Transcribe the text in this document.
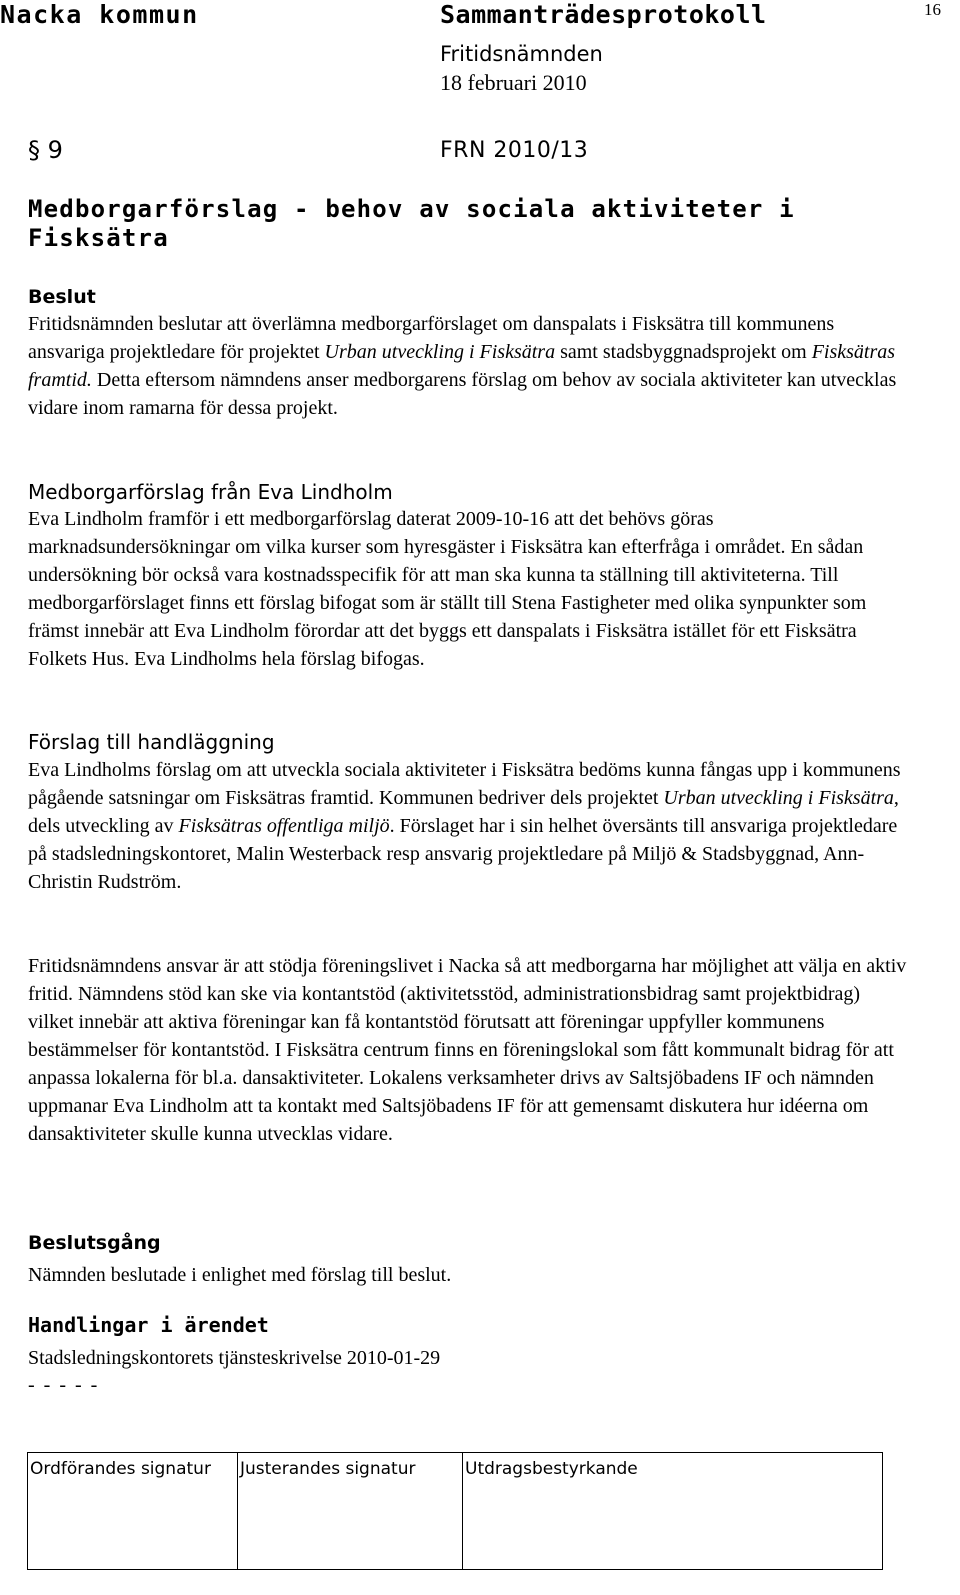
Nacka kommun	Sammanträdesprotokoll	16
Fritidsnämnden
18 februari 2010
§ 9	FRN 2010/13
Medborgarförslag - behov av sociala aktiviteter i Fisksätra
Beslut

Fritidsnämnden beslutar att överlämna medborgarförslaget om danspalats i Fisksätra till kommunens ansvariga projektledare för projektet Urban utveckling i Fisksätra samt stadsbyggnadsprojekt om Fisksätras framtid. Detta eftersom nämndens anser medborgarens förslag om behov av sociala aktiviteter kan utvecklas vidare inom ramarna för dessa projekt.

Medborgarförslag från Eva Lindholm

Eva Lindholm framför i ett medborgarförslag daterat 2009-10-16 att det behövs göras marknadsundersökningar om vilka kurser som hyresgäster i Fisksätra kan efterfråga i området. En sådan undersökning bör också vara kostnadsspecifik för att man ska kunna ta ställning till aktiviteterna. Till medborgarförslaget finns ett förslag bifogat som är ställt till Stena Fastigheter med olika synpunkter som främst innebär att Eva Lindholm förordar att det byggs ett danspalats i Fisksätra istället för ett Fisksätra Folkets Hus. Eva Lindholms hela förslag bifogas.

Förslag till handläggning

Eva Lindholms förslag om att utveckla sociala aktiviteter i Fisksätra bedöms kunna fångas upp i kommunens pågående satsningar om Fisksätras framtid. Kommunen bedriver dels projektet Urban utveckling i Fisksätra, dels utveckling av Fisksätras offentliga miljö. Förslaget har i sin helhet översänts till ansvariga projektledare på stadsledningskontoret, Malin Westerback resp ansvarig projektledare på Miljö & Stadsbyggnad, Ann-Christin Rudström.

Fritidsnämndens ansvar är att stödja föreningslivet i Nacka så att medborgarna har möjlighet att välja en aktiv fritid. Nämndens stöd kan ske via kontantstöd (aktivitetsstöd, administrationsbidrag samt projektbidrag) vilket innebär att aktiva föreningar kan få kontantstöd förutsatt att föreningar uppfyller kommunens bestämmelser för kontantstöd. I Fisksätra centrum finns en föreningslokal som fått kommunalt bidrag för att anpassa lokalerna för bl.a. dansaktiviteter. Lokalens verksamheter drivs av Saltsjöbadens IF och nämnden uppmanar Eva Lindholm att ta kontakt med Saltsjöbadens IF för att gemensamt diskutera hur idéerna om dansaktiviteter skulle kunna utvecklas vidare.

Beslutsgång

Nämnden beslutade i enlighet med förslag till beslut.

Handlingar i ärendet

Stadsledningskontorets tjänsteskrivelse 2010-01-29

- - - - -
Ordförandes signatur	Justerandes signatur	Utdragsbestyrkande
